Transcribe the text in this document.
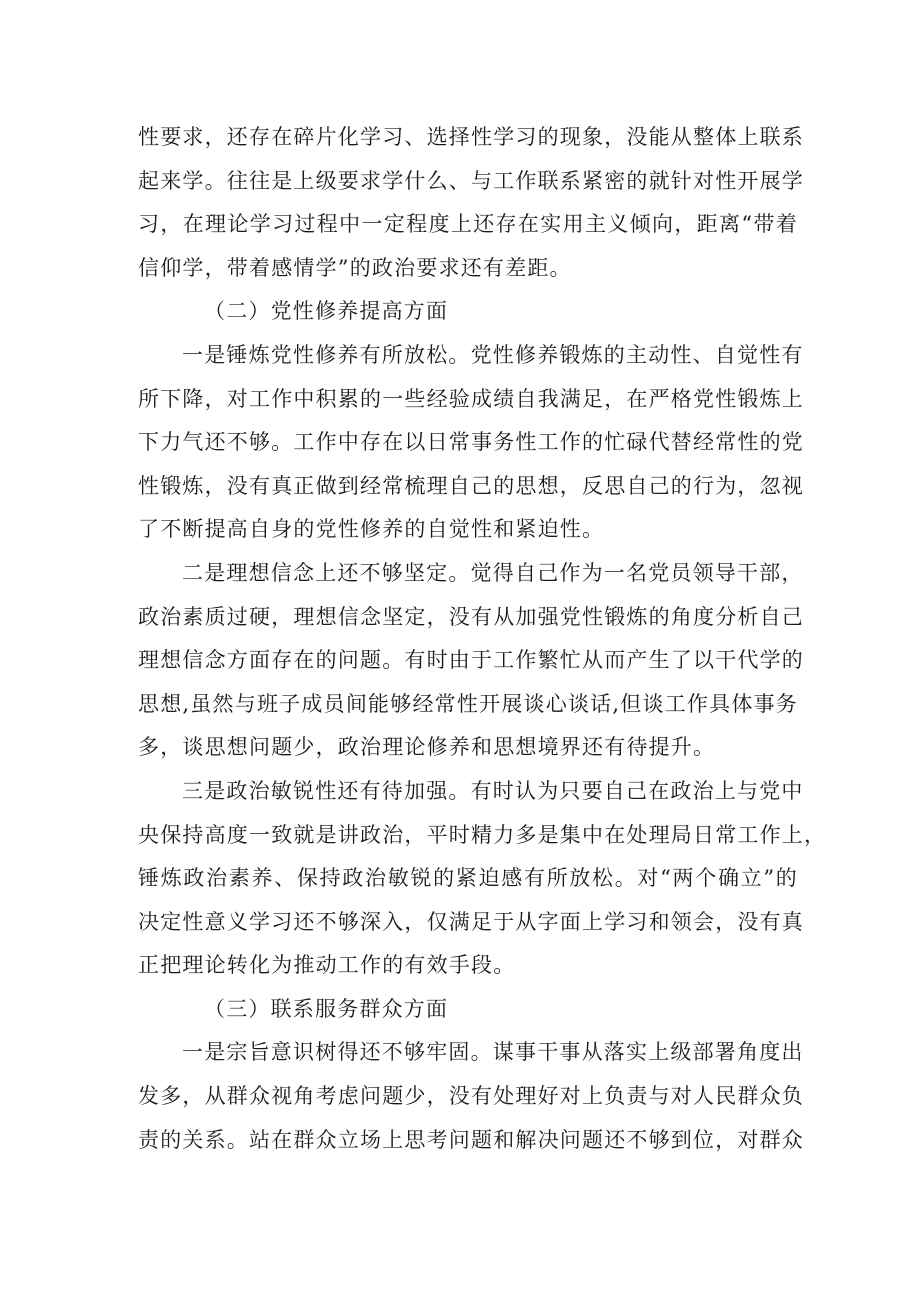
性要求，还存在碎片化学习、选择性学习的现象，没能从整体上联系
起来学。往往是上级要求学什么、与工作联系紧密的就针对性开展学
习，在理论学习过程中一定程度上还存在实用主义倾向，距离“带着
信仰学，带着感情学”的政治要求还有差距。
（二）党性修养提高方面
一是锤炼党性修养有所放松。党性修养锻炼的主动性、自觉性有
所下降，对工作中积累的一些经验成绩自我满足，在严格党性锻炼上
下力气还不够。工作中存在以日常事务性工作的忙碌代替经常性的党
性锻炼，没有真正做到经常梳理自己的思想，反思自己的行为，忽视
了不断提高自身的党性修养的自觉性和紧迫性。
二是理想信念上还不够坚定。觉得自己作为一名党员领导干部，
政治素质过硬，理想信念坚定，没有从加强党性锻炼的角度分析自己
理想信念方面存在的问题。有时由于工作繁忙从而产生了以干代学的
思想,虽然与班子成员间能够经常性开展谈心谈话,但谈工作具体事务
多，谈思想问题少，政治理论修养和思想境界还有待提升。
三是政治敏锐性还有待加强。有时认为只要自己在政治上与党中
央保持高度一致就是讲政治，平时精力多是集中在处理局日常工作上，
锤炼政治素养、保持政治敏锐的紧迫感有所放松。对“两个确立”的
决定性意义学习还不够深入，仅满足于从字面上学习和领会，没有真
正把理论转化为推动工作的有效手段。
（三）联系服务群众方面
一是宗旨意识树得还不够牢固。谋事干事从落实上级部署角度出
发多，从群众视角考虑问题少，没有处理好对上负责与对人民群众负
责的关系。站在群众立场上思考问题和解决问题还不够到位，对群众
